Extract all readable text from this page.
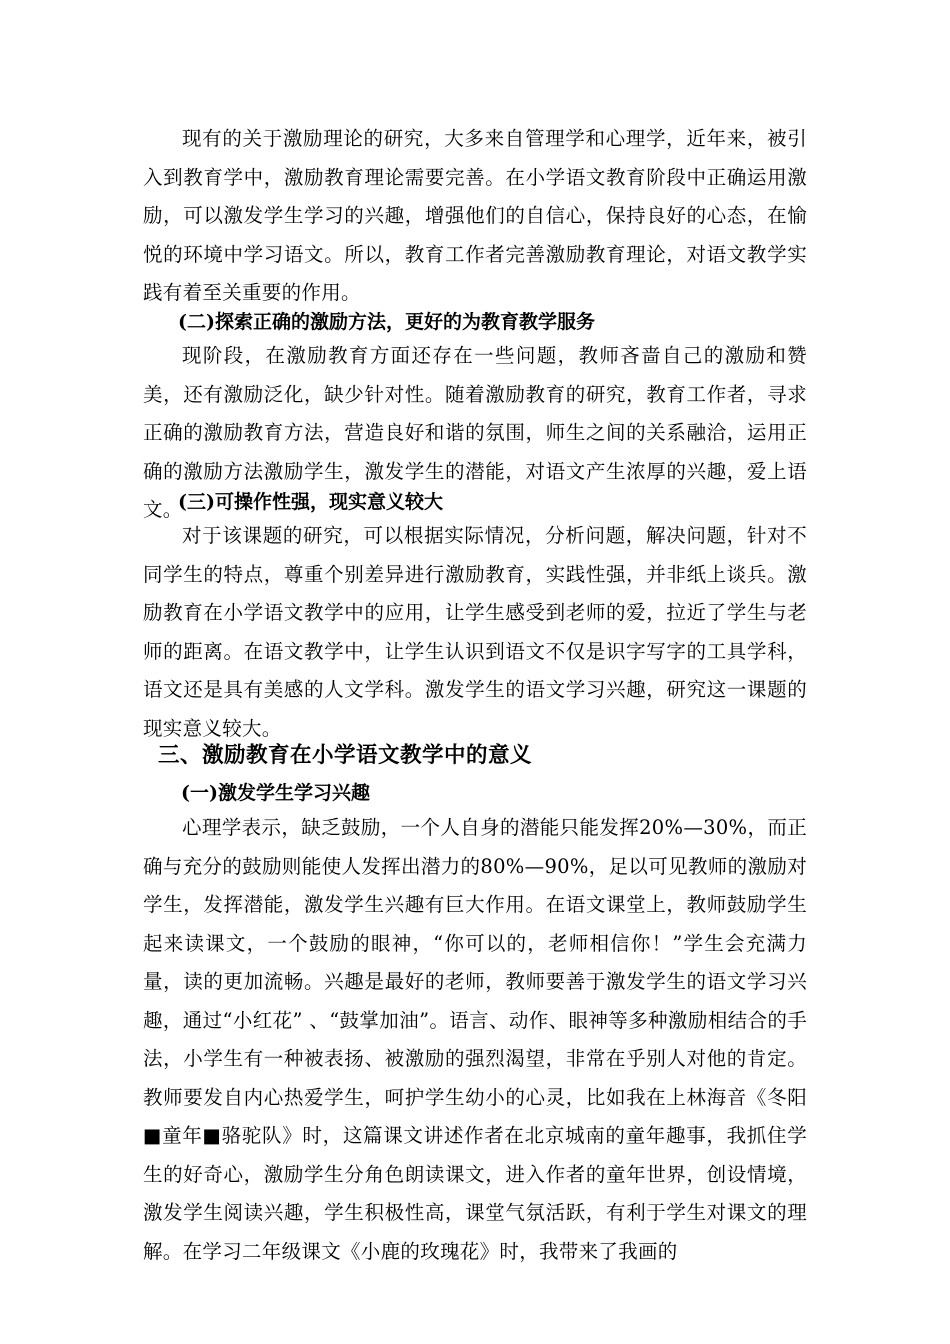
现有的关于激励理论的研究，大多来自管理学和心理学，近年来，被引入到教育学中，激励教育理论需要完善。在小学语文教育阶段中正确运用激励，可以激发学生学习的兴趣，增强他们的自信心，保持良好的心态，在愉悦的环境中学习语文。所以，教育工作者完善激励教育理论，对语文教学实践有着至关重要的作用。

(二)探索正确的激励方法，更好的为教育教学服务

现阶段，在激励教育方面还存在一些问题，教师吝啬自己的激励和赞美，还有激励泛化，缺少针对性。随着激励教育的研究，教育工作者，寻求正确的激励教育方法，营造良好和谐的氛围，师生之间的关系融洽，运用正确的激励方法激励学生，激发学生的潜能，对语文产生浓厚的兴趣，爱上语文。

(三)可操作性强，现实意义较大

对于该课题的研究，可以根据实际情况，分析问题，解决问题，针对不同学生的特点，尊重个别差异进行激励教育，实践性强，并非纸上谈兵。激励教育在小学语文教学中的应用，让学生感受到老师的爱，拉近了学生与老师的距离。在语文教学中，让学生认识到语文不仅是识字写字的工具学科，语文还是具有美感的人文学科。激发学生的语文学习兴趣，研究这一课题的现实意义较大。

三、激励教育在小学语文教学中的意义

(一)激发学生学习兴趣

心理学表示，缺乏鼓励，一个人自身的潜能只能发挥20%—30%，而正确与充分的鼓励则能使人发挥出潜力的80%—90%，足以可见教师的激励对学生，发挥潜能，激发学生兴趣有巨大作用。在语文课堂上，教师鼓励学生起来读课文，一个鼓励的眼神，“你可以的，老师相信你！”学生会充满力量，读的更加流畅。兴趣是最好的老师，教师要善于激发学生的语文学习兴趣，通过“小红花” 、“鼓掌加油”。语言、动作、眼神等多种激励相结合的手法，小学生有一种被表扬、被激励的强烈渴望，非常在乎别人对他的肯定。教师要发自内心热爱学生，呵护学生幼小的心灵，比如我在上林海音《冬阳■童年■骆驼队》时，这篇课文讲述作者在北京城南的童年趣事，我抓住学生的好奇心，激励学生分角色朗读课文，进入作者的童年世界，创设情境，激发学生阅读兴趣，学生积极性高，课堂气氛活跃，有利于学生对课文的理解。在学习二年级课文《小鹿的玫瑰花》时，我带来了我画的
